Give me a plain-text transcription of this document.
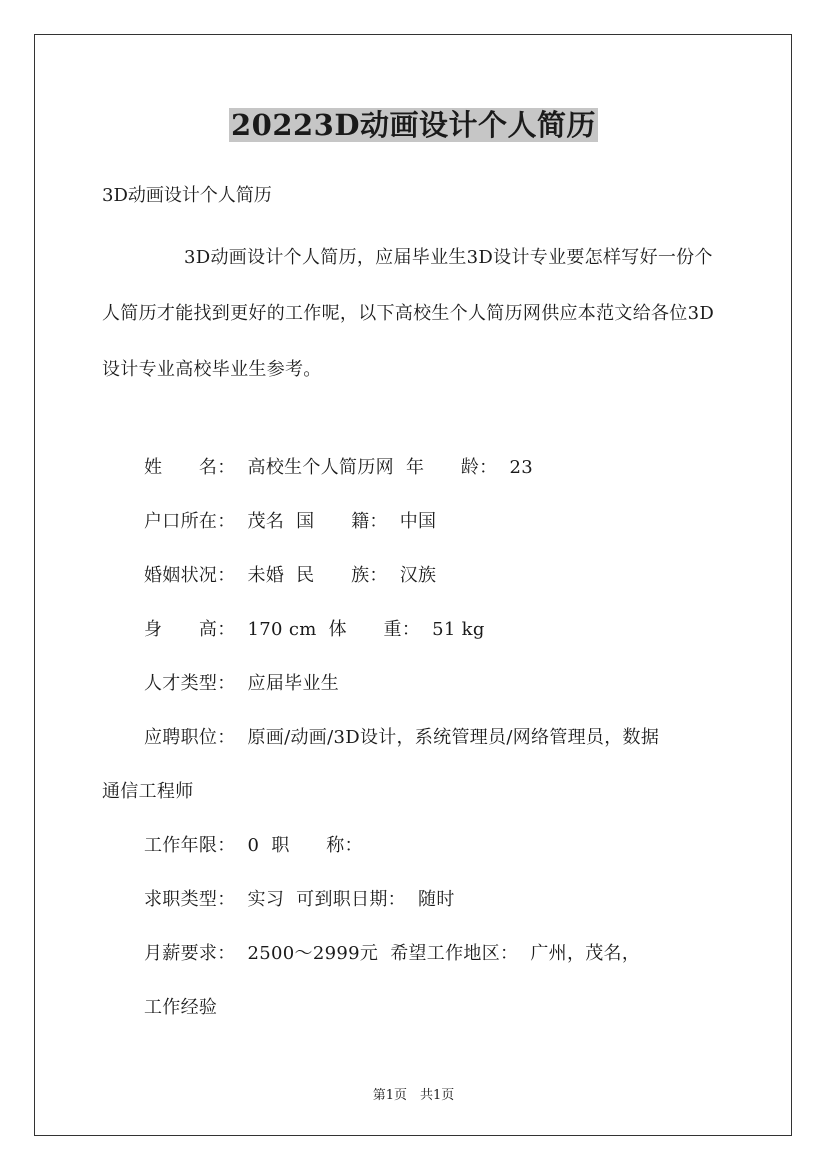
20223D动画设计个人简历
3D动画设计个人简历

3D动画设计个人简历，应届毕业生3D设计专业要怎样写好一份个人简历才能找到更好的工作呢，以下高校生个人简历网供应本范文给各位3D设计专业高校毕业生参考。

姓　　名：  高校生个人简历网  年　　龄：  23
户口所在：  茂名  国　　籍：  中国
婚姻状况：  未婚  民　　族：  汉族
身　　高：  170 cm  体　　重：  51 kg
人才类型：  应届毕业生
应聘职位：  原画/动画/3D设计，系统管理员/网络管理员，数据
通信工程师
工作年限：  0  职　　称：
求职类型：  实习  可到职日期：  随时
月薪要求：  2500～2999元  希望工作地区：  广州，茂名，
工作经验
第1页　共1页
